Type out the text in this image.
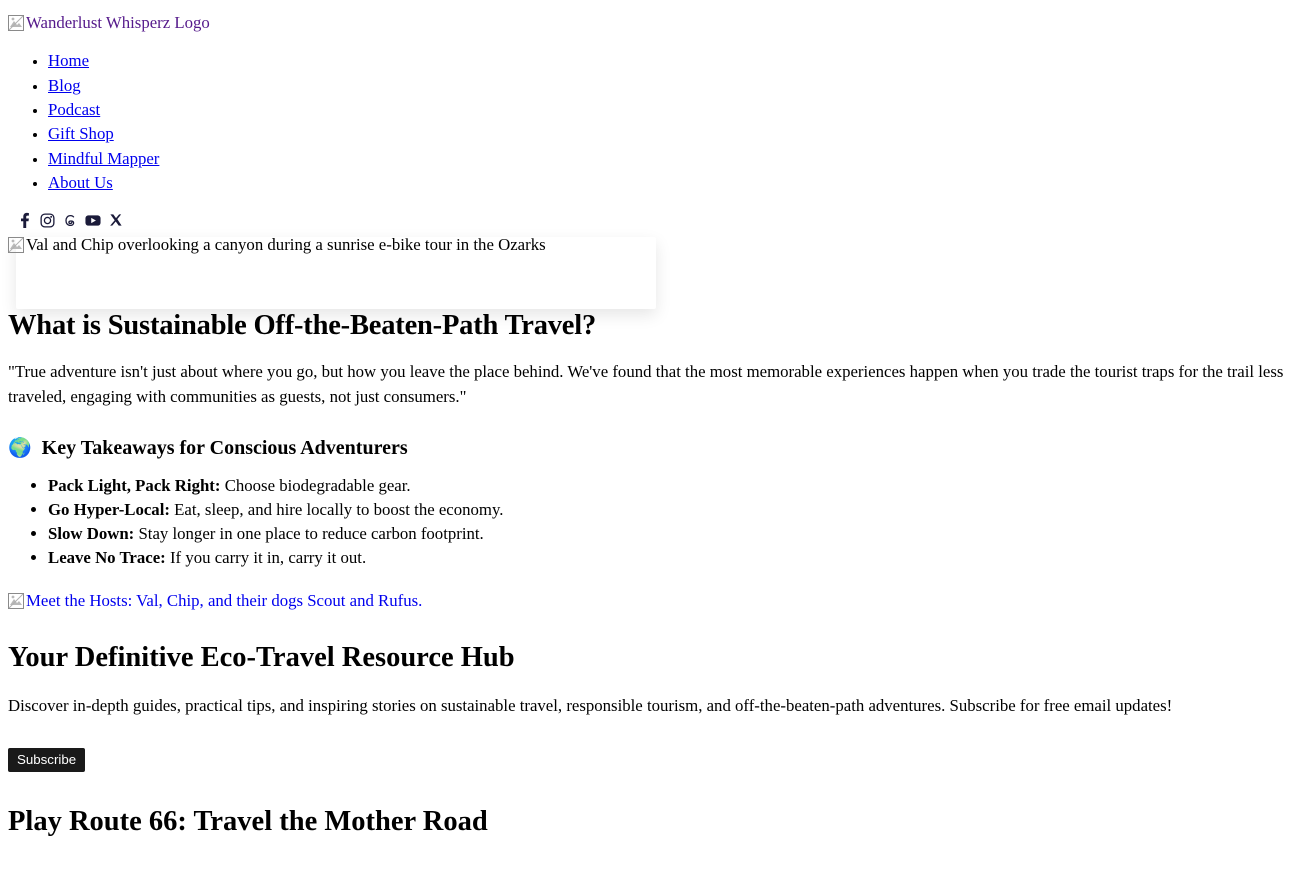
Wanderlust Whisperz Logo
• Home
• Blog
• Podcast
• Gift Shop
• Mindful Mapper
• About Us
Val and Chip overlooking a canyon during a sunrise e-bike tour in the Ozarks
What is Sustainable Off-the-Beaten-Path Travel?

"True adventure isn't just about where you go, but how you leave the place behind. We've found that the most memorable experiences happen when you trade the tourist traps for the trail less traveled, engaging with communities as guests, not just consumers."

🌍 Key Takeaways for Conscious Adventurers
• Pack Light, Pack Right: Choose biodegradable gear.
• Go Hyper-Local: Eat, sleep, and hire locally to boost the economy.
• Slow Down: Stay longer in one place to reduce carbon footprint.
• Leave No Trace: If you carry it in, carry it out.
Meet the Hosts: Val, Chip, and their dogs Scout and Rufus.
Your Definitive Eco-Travel Resource Hub

Discover in-depth guides, practical tips, and inspiring stories on sustainable travel, responsible tourism, and off-the-beaten-path adventures. Subscribe for free email updates!

Subscribe
Play Route 66: Travel the Mother Road
